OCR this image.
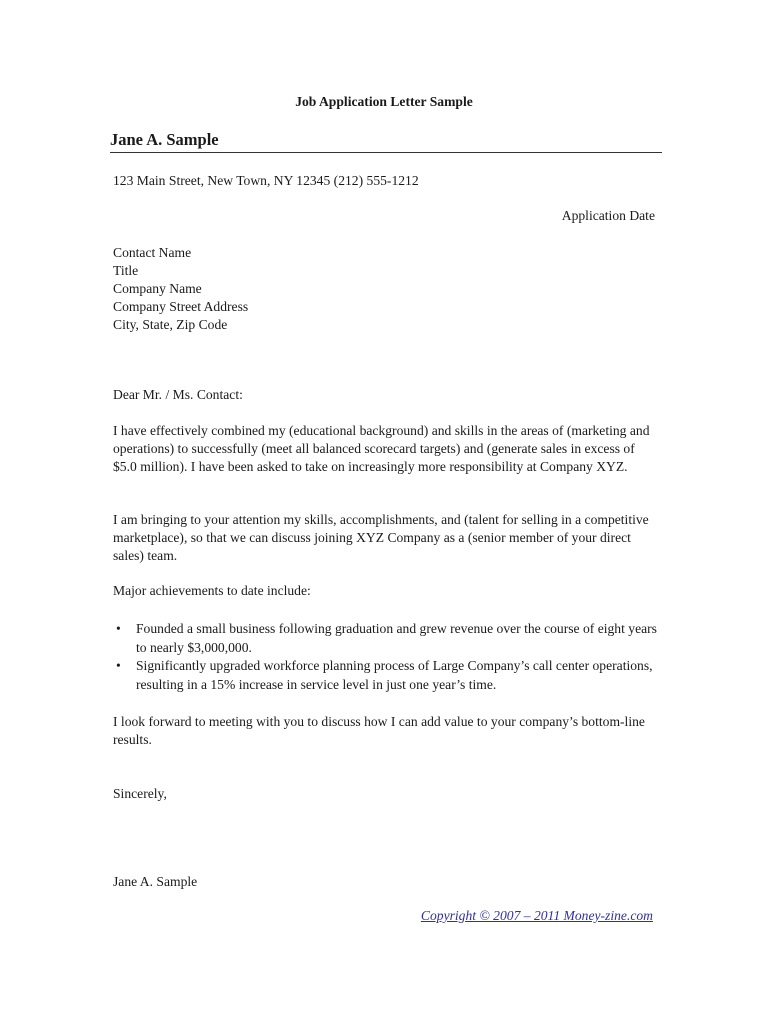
Job Application Letter Sample
Jane A. Sample

123 Main Street, New Town, NY 12345 (212) 555-1212

Application Date

Contact Name
Title
Company Name
Company Street Address
City, State, Zip Code

Dear Mr. / Ms. Contact:

I have effectively combined my (educational background) and skills in the areas of (marketing and operations) to successfully (meet all balanced scorecard targets) and (generate sales in excess of $5.0 million). I have been asked to take on increasingly more responsibility at Company XYZ.

I am bringing to your attention my skills, accomplishments, and (talent for selling in a competitive marketplace), so that we can discuss joining XYZ Company as a (senior member of your direct sales) team.

Major achievements to date include:

• Founded a small business following graduation and grew revenue over the course of eight years to nearly $3,000,000.
• Significantly upgraded workforce planning process of Large Company’s call center operations, resulting in a 15% increase in service level in just one year’s time.

I look forward to meeting with you to discuss how I can add value to your company’s bottom-line results.

Sincerely,

Jane A. Sample

Copyright © 2007 – 2011 Money-zine.com
